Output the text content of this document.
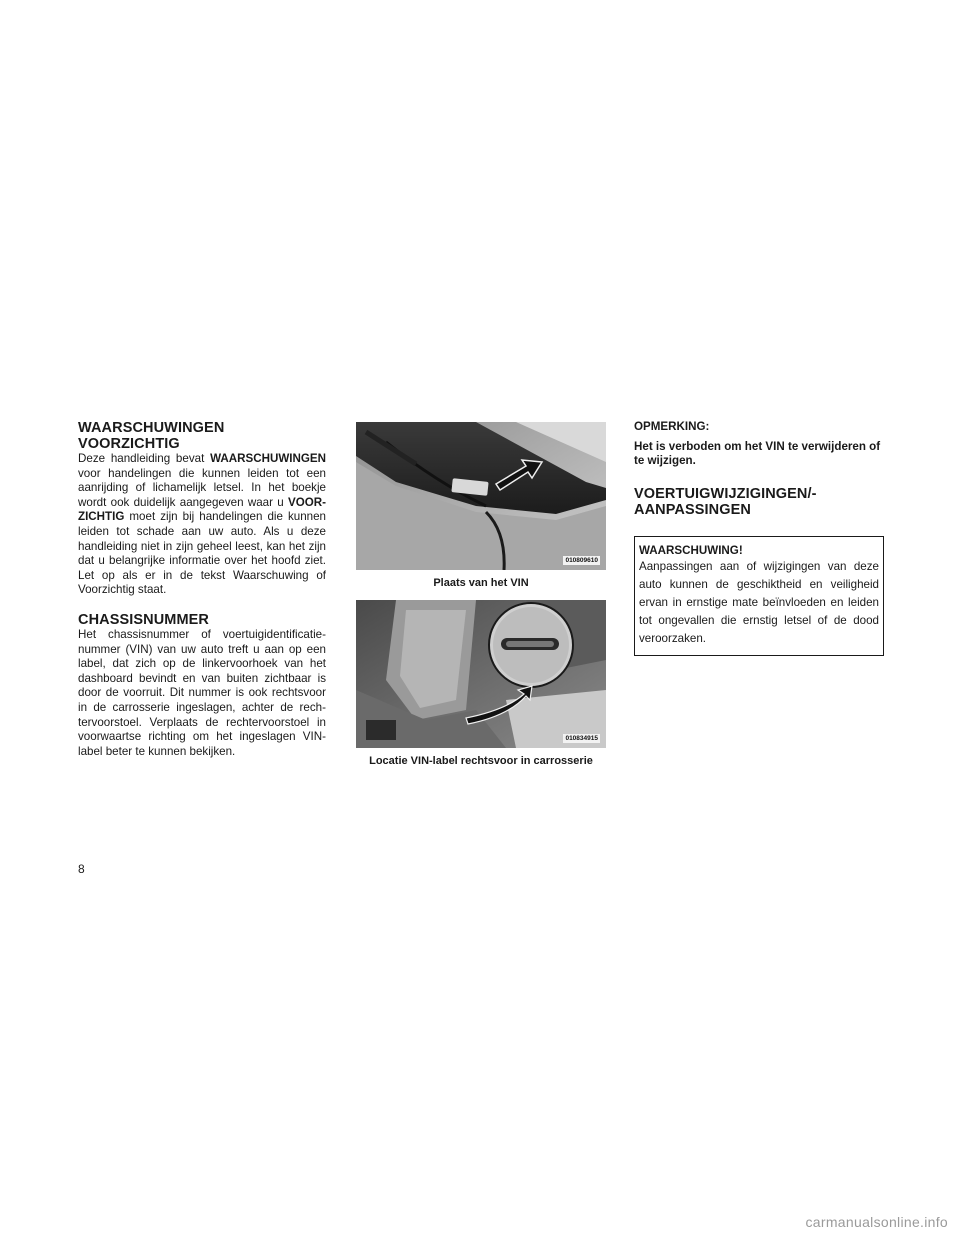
WAARSCHUWINGEN VOORZICHTIG

Deze handleiding bevat WAARSCHUWINGEN voor handelingen die kunnen leiden tot een aanrijding of lichamelijk letsel. In het boekje wordt ook duidelijk aangegeven waar u VOORZICHTIG moet zijn bij handelingen die kunnen leiden tot schade aan uw auto. Als u deze handleiding niet in zijn geheel leest, kan het zijn dat u belangrijke informatie over het hoofd ziet. Let op als er in de tekst Waarschuwing of Voorzichtig staat.

CHASSISNUMMER

Het chassisnummer of voertuigidentificatienummer (VIN) van uw auto treft u aan op een label, dat zich op de linkervoorhoek van het dashboard bevindt en van buiten zichtbaar is door de voorruit. Dit nummer is ook rechtsvoor in de carrosserie ingeslagen, achter de rechtervoorstoel. Verplaats de rechtervoorstoel in voorwaartse richting om het ingeslagen VIN-label beter te kunnen bekijken.

010809610
Plaats van het VIN
010834915
Locatie VIN-label rechtsvoor in carrosserie

OPMERKING:

Het is verboden om het VIN te verwijderen of te wijzigen.

VOERTUIGWIJZIGINGEN/-
AANPASSINGEN

WAARSCHUWING!

Aanpassingen aan of wijzigingen van deze auto kunnen de geschiktheid en veiligheid ervan in ernstige mate beïnvloeden en leiden tot ongevallen die ernstig letsel of de dood veroorzaken.

8
carmanualsonline.info
